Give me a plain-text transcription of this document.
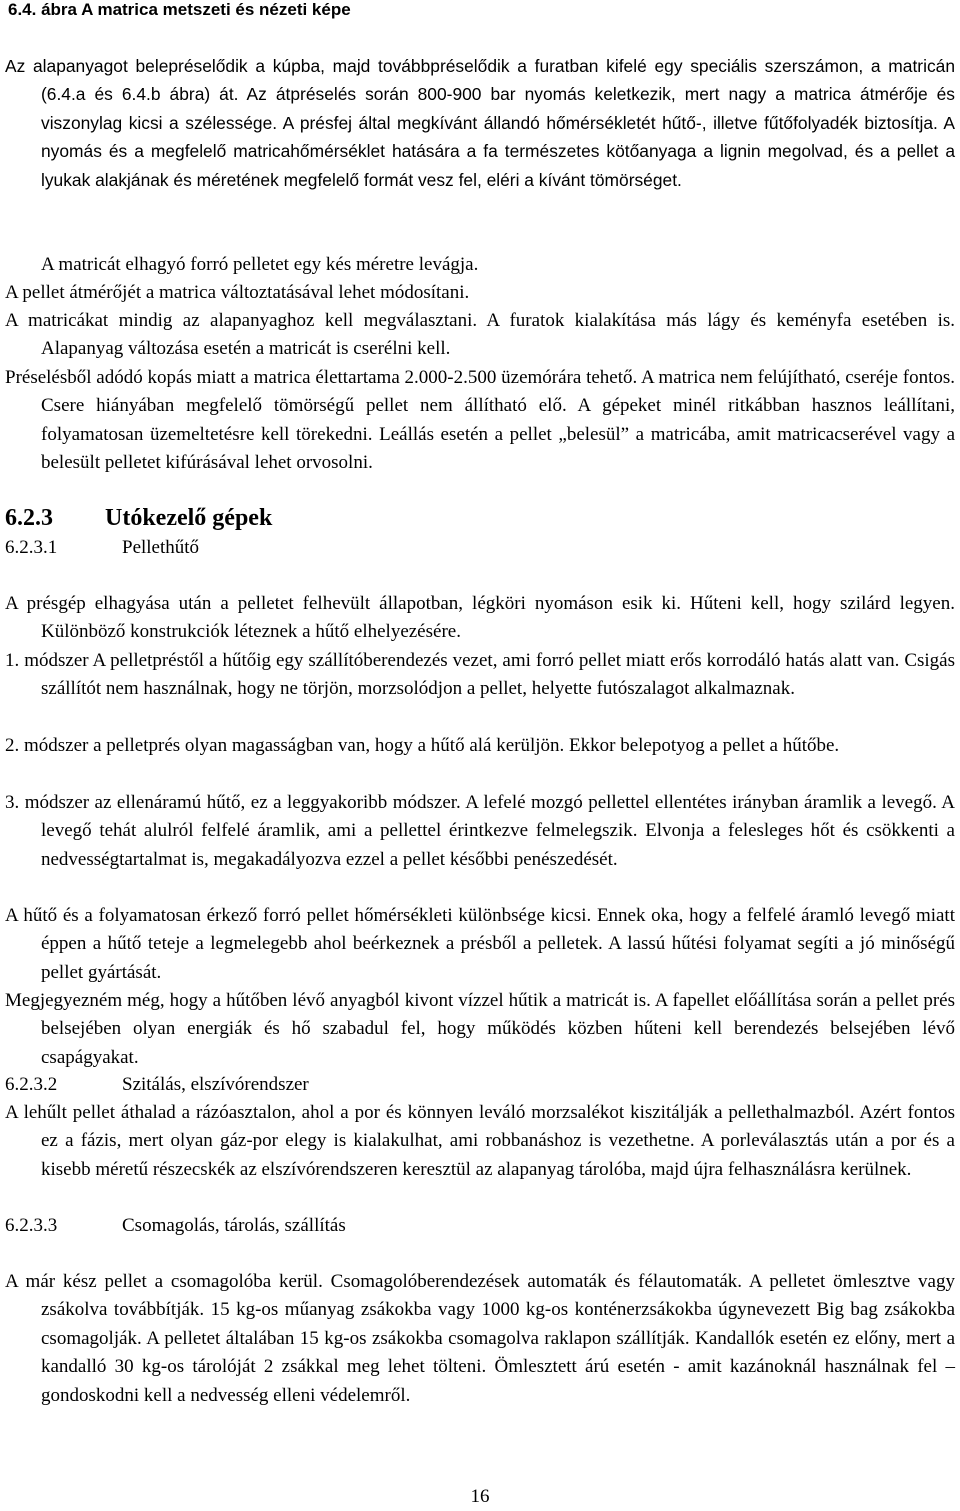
6.4. ábra A matrica metszeti és nézeti képe
Az alapanyagot belepréselődik a kúpba, majd továbbpréselődik a furatban kifelé egy speciális szerszámon, a matricán (6.4.a és 6.4.b ábra) át. Az átpréselés során 800-900 bar nyomás keletkezik, mert nagy a matrica átmérője és viszonylag kicsi a szélessége. A présfej által megkívánt állandó hőmérsékletét hűtő-, illetve fűtőfolyadék biztosítja. A nyomás és a megfelelő matricahőmérséklet hatására a fa természetes kötőanyaga a lignin megolvad, és a pellet a lyukak alakjának és méretének megfelelő formát vesz fel, eléri a kívánt tömörséget.
A matricát elhagyó forró pelletet egy kés méretre levágja.
A pellet átmérőjét a matrica változtatásával lehet módosítani.
A matricákat mindig az alapanyaghoz kell megválasztani. A furatok kialakítása más lágy és keményfa esetében is. Alapanyag változása esetén a matricát is cserélni kell.
Préselésből adódó kopás miatt a matrica élettartama 2.000-2.500 üzemórára tehető. A matrica nem felújítható, cseréje fontos. Csere hiányában megfelelő tömörségű pellet nem állítható elő. A gépeket minél ritkábban hasznos leállítani, folyamatosan üzemeltetésre kell törekedni. Leállás esetén a pellet „belesül” a matricába, amit matricacserével vagy a belesült pelletet kifúrásával lehet orvosolni.
6.2.3 Utókezelő gépek
6.2.3.1	Pellethűtő
A présgép elhagyása után a pelletet felhevült állapotban, légköri nyomáson esik ki. Hűteni kell, hogy szilárd legyen. Különböző konstrukciók léteznek a hűtő elhelyezésére.
1. módszer A pelletpréstől a hűtőig egy szállítóberendezés vezet, ami forró pellet miatt erős korrodáló hatás alatt van. Csigás szállítót nem használnak, hogy ne törjön, morzsolódjon a pellet, helyette futószalagot alkalmaznak.
2. módszer a pelletprés olyan magasságban van, hogy a hűtő alá kerüljön. Ekkor belepotyog a pellet a hűtőbe.
3. módszer az ellenáramú hűtő, ez a leggyakoribb módszer. A lefelé mozgó pellettel ellentétes irányban áramlik a levegő. A levegő tehát alulról felfelé áramlik, ami a pellettel érintkezve felmelegszik. Elvonja a felesleges hőt és csökkenti a nedvességtartalmat is, megakadályozva ezzel a pellet későbbi penészedését.
A hűtő és a folyamatosan érkező forró pellet hőmérsékleti különbsége kicsi. Ennek oka, hogy a felfelé áramló levegő miatt éppen a hűtő teteje a legmelegebb ahol beérkeznek a présből a pelletek. A lassú hűtési folyamat segíti a jó minőségű pellet gyártását.
Megjegyezném még, hogy a hűtőben lévő anyagból kivont vízzel hűtik a matricát is. A fapellet előállítása során a pellet prés belsejében olyan energiák és hő szabadul fel, hogy működés közben hűteni kell berendezés belsejében lévő csapágyakat.
6.2.3.2	Szitálás, elszívórendszer
A lehűlt pellet áthalad a rázóasztalon, ahol a por és könnyen leváló morzsalékot kiszitálják a pellethalmazból. Azért fontos ez a fázis, mert olyan gáz-por elegy is kialakulhat, ami robbanáshoz is vezethetne. A porleválasztás után a por és a kisebb méretű részecskék az elszívórendszeren keresztül az alapanyag tárolóba, majd újra felhasználásra kerülnek.
6.2.3.3	Csomagolás, tárolás, szállítás
A már kész pellet a csomagolóba kerül. Csomagolóberendezések automaták és félautomaták. A pelletet ömlesztve vagy zsákolva továbbítják. 15 kg-os műanyag zsákokba vagy 1000 kg-os konténerzsákokba úgynevezett Big bag zsákokba csomagolják. A pelletet általában 15 kg-os zsákokba csomagolva raklapon szállítják. Kandallók esetén ez előny, mert a kandalló 30 kg-os tárolóját 2 zsákkal meg lehet tölteni. Ömlesztett árú esetén - amit kazánoknál használnak fel – gondoskodni kell a nedvesség elleni védelemről.
16
